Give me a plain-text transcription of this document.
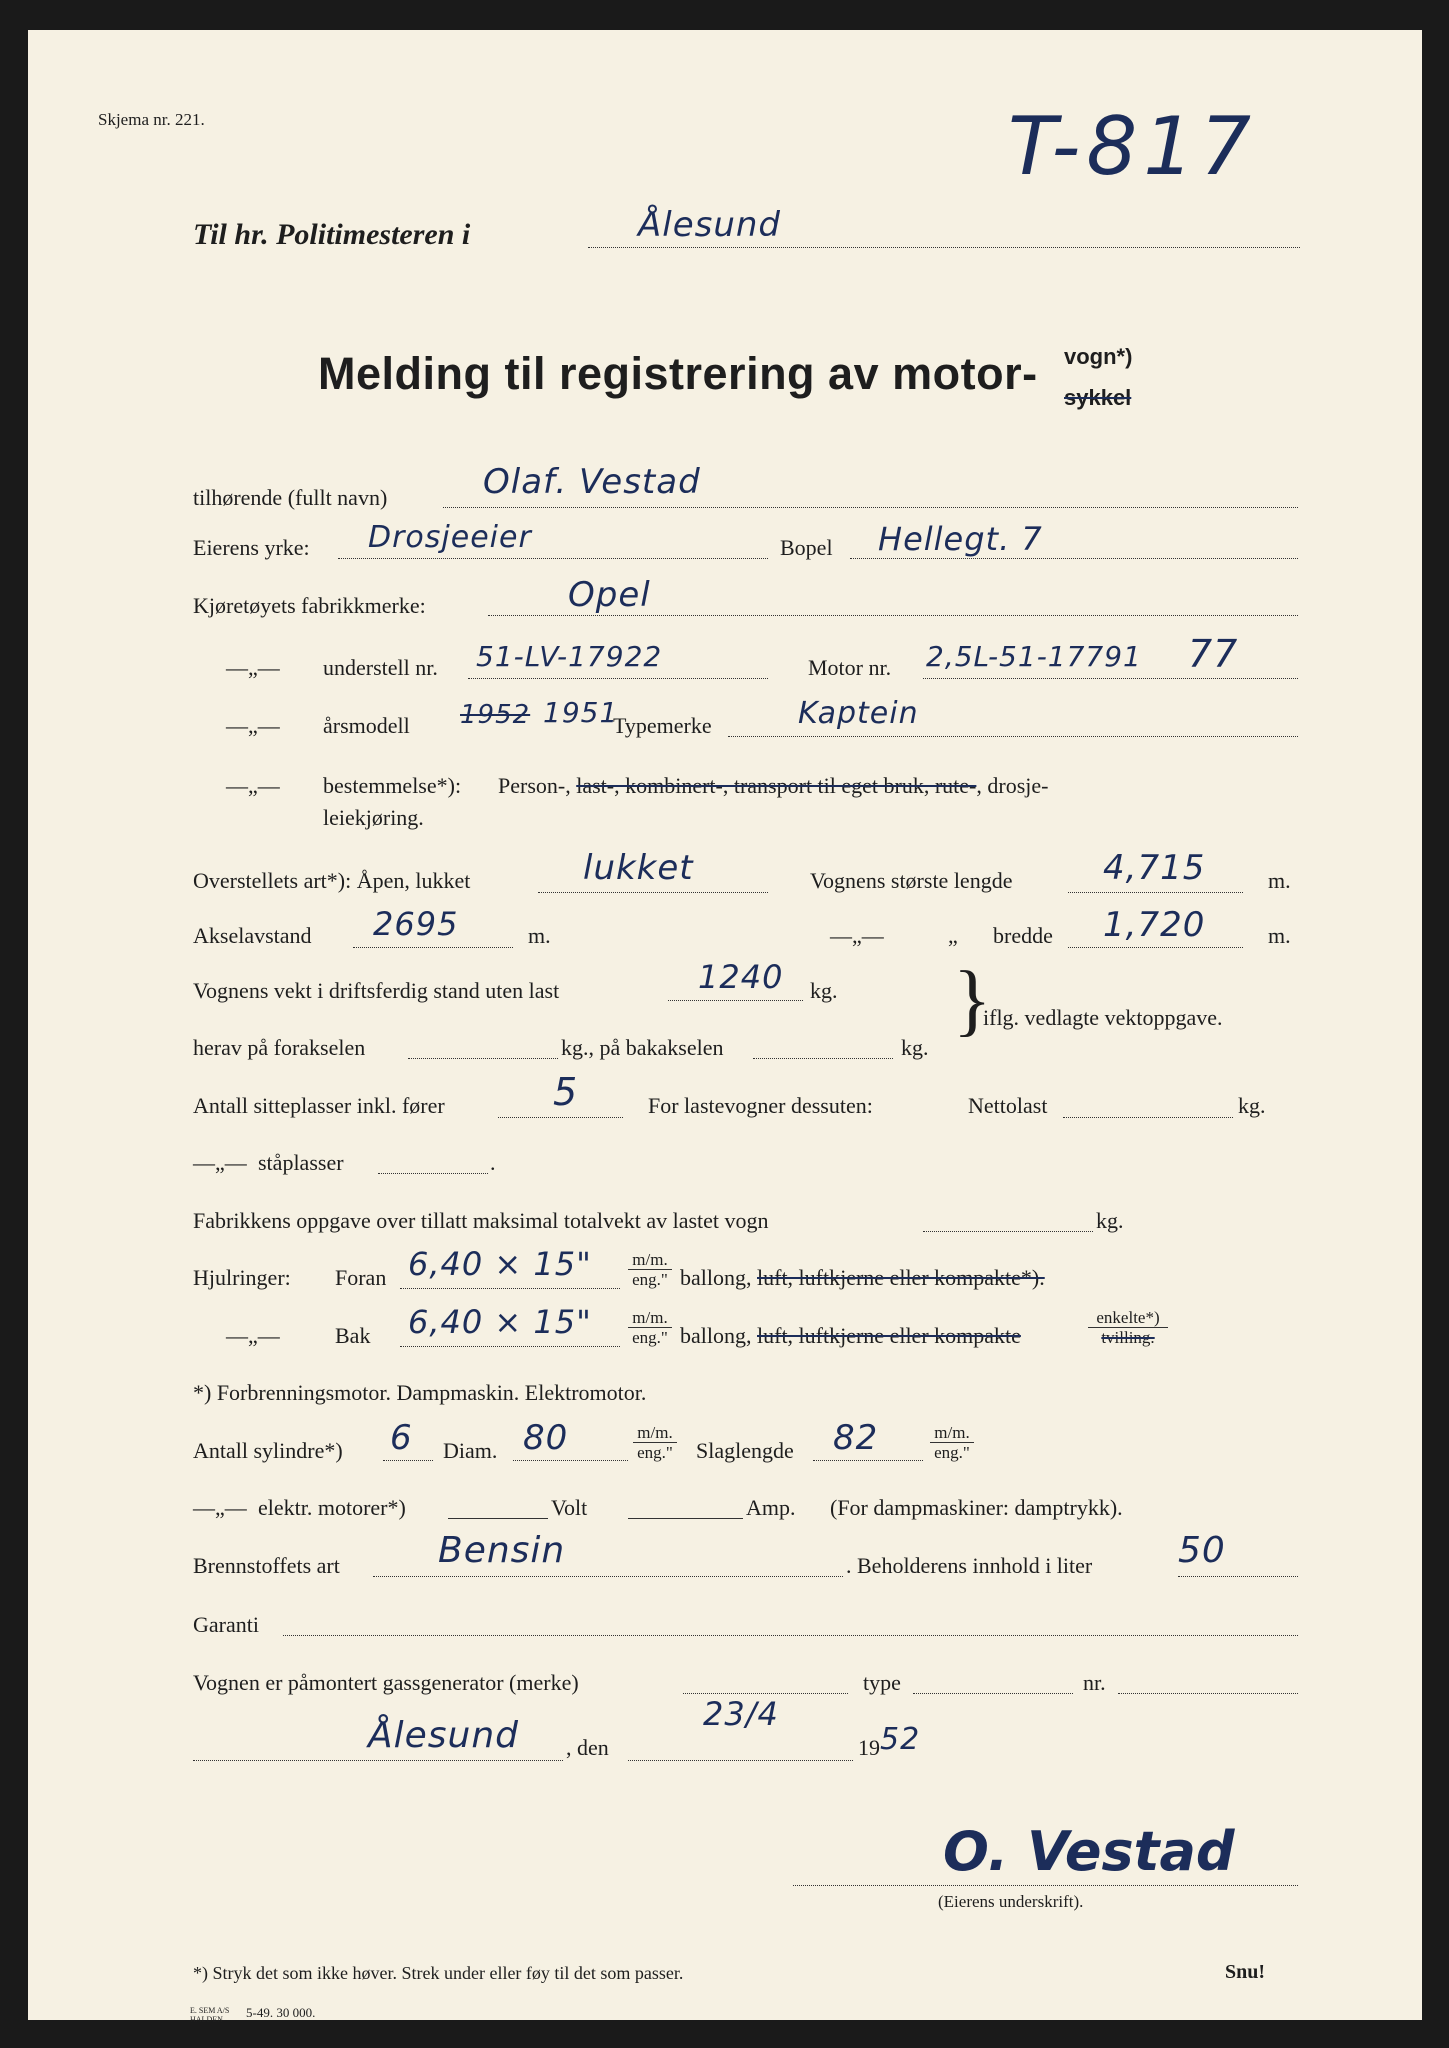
Skjema nr. 221.	T-817
Til hr. Politimesteren i	Ålesund
Melding til registrering av motor- vogn*)
sykkel
tilhørende (fullt navn)	Olaf. Vestad
Eierens yrke: Drosjeeier	Bopel Hellegt. 7
Kjøretøyets fabrikkmerke:	Opel
—„— understell nr. 51-LV-17922	Motor nr. 2,5L-51-17791 77
—„— årsmodell 1952 1951
Typemerke	Kaptein
—„— bestemmelse*): Person-, last-, kombinert-, transport til eget bruk, rute-, drosje-
leiekjøring.
Overstellets art*): Åpen, lukket	lukket	Vognens største lengde	4,715	m.
Akselavstand 2695	m.	—„—	„ bredde 1,720	m.
Vognens vekt i driftsferdig stand uten last	1240 kg.
herav på forakselen	kg., på bakakselen	kg.
}
iflg. vedlagte vektoppgave.
Antall sitteplasser inkl. fører	5	For lastevogner dessuten:	Nettolast	kg.
—„— ståplasser	.
Fabrikkens oppgave over tillatt maksimal totalvekt av lastet vogn	kg.
Hjulringer: Foran 6,40 × 15" m/m.
eng." ballong, luft, luftkjerne eller kompakte*).
—„—	Bak 6,40 × 15" m/m.
eng." ballong, luft, luftkjerne eller kompakte
enkelte*)
tvilling.
*) Forbrenningsmotor. Dampmaskin. Elektromotor.
Antall sylindre*) 6 Diam. 80	m/m.
eng." Slaglengde 82	m/m.
eng."
—„— elektr. motorer*)	Volt	Amp. (For dampmaskiner: damptrykk).
Brennstoffets art	Bensin	. Beholderens innhold i liter 50
Garanti
Vognen er påmontert gassgenerator (merke)	type	nr.
Ålesund , den
23/4
19 52
O. Vestad
(Eierens underskrift).
*) Stryk det som ikke høver. Strek under eller føy til det som passer.	Snu!
E. SEM A/S
HALDEN	5-49. 30 000.
